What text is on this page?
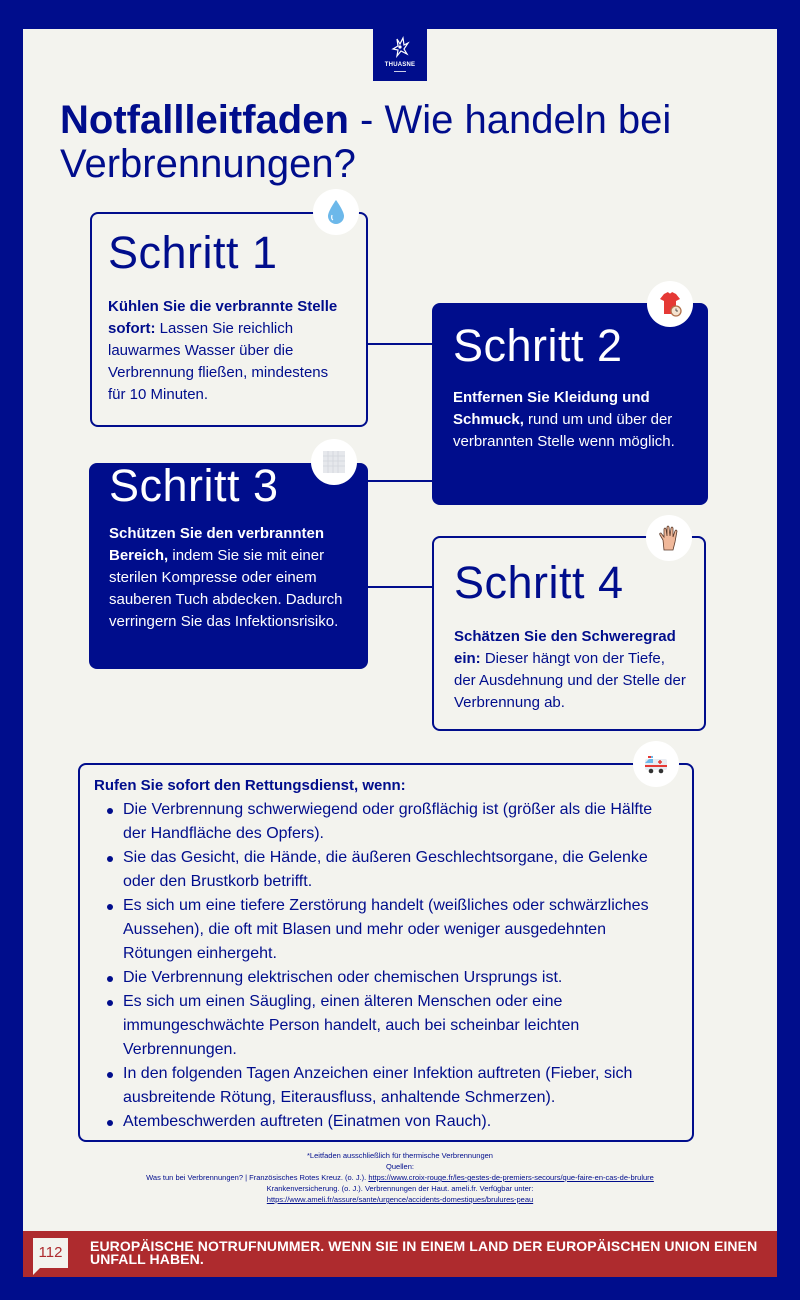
THUASNE
Notfallleitfaden - Wie handeln bei Verbrennungen?
Schritt 1
Kühlen Sie die verbrannte Stelle sofort: Lassen Sie reichlich lauwarmes Wasser über die Verbrennung fließen, mindestens für 10 Minuten.
Schritt 2
Entfernen Sie Kleidung und Schmuck, rund um und über der verbrannten Stelle wenn möglich.
Schritt 3
Schützen Sie den verbrannten Bereich, indem Sie sie mit einer sterilen Kompresse oder einem sauberen Tuch abdecken. Dadurch verringern Sie das Infektionsrisiko.
Schritt 4
Schätzen Sie den Schweregrad ein: Dieser hängt von der Tiefe, der Ausdehnung und der Stelle der Verbrennung ab.
Rufen Sie sofort den Rettungsdienst, wenn:
Die Verbrennung schwerwiegend oder großflächig ist (größer als die Hälfte der Handfläche des Opfers).
Sie das Gesicht, die Hände, die äußeren Geschlechtsorgane, die Gelenke oder den Brustkorb betrifft.
Es sich um eine tiefere Zerstörung handelt (weißliches oder schwärzliches Aussehen), die oft mit Blasen und mehr oder weniger ausgedehnten Rötungen einhergeht.
Die Verbrennung elektrischen oder chemischen Ursprungs ist.
Es sich um einen Säugling, einen älteren Menschen oder eine immungeschwächte Person handelt, auch bei scheinbar leichten Verbrennungen.
In den folgenden Tagen Anzeichen einer Infektion auftreten (Fieber, sich ausbreitende Rötung, Eiterausfluss, anhaltende Schmerzen).
Atembeschwerden auftreten (Einatmen von Rauch).
*Leitfaden ausschließlich für thermische Verbrennungen
Quellen:
Was tun bei Verbrennungen? | Französisches Rotes Kreuz. (o. J.). https://www.croix-rouge.fr/les-gestes-de-premiers-secours/que-faire-en-cas-de-brulure
Krankenversicherung. (o. J.). Verbrennungen der Haut. ameli.fr. Verfügbar unter:
https://www.ameli.fr/assure/sante/urgence/accidents-domestiques/brulures-peau
112	EUROPÄISCHE NOTRUFNUMMER. WENN SIE IN EINEM LAND DER EUROPÄISCHEN UNION EINEN UNFALL HABEN.
